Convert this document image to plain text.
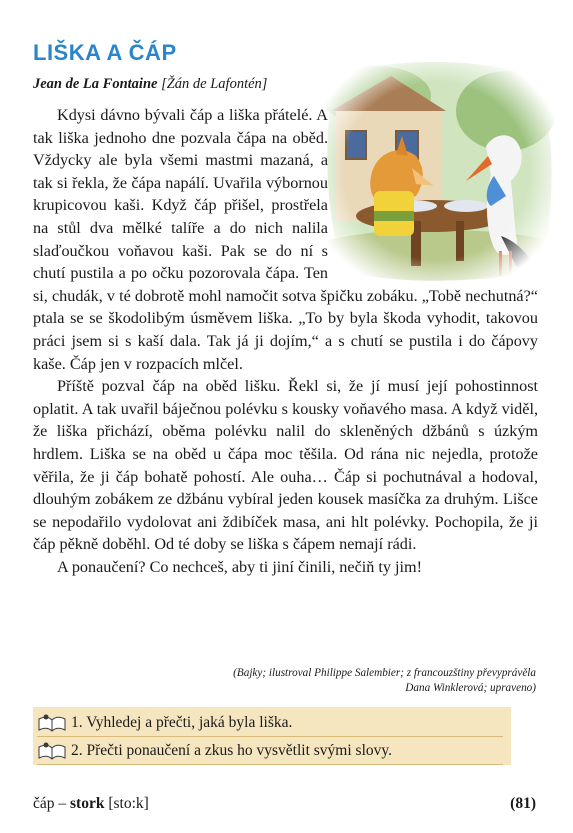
LIŠKA A ČÁP
Jean de La Fontaine [Žán de Lafontén]

Kdysi dávno bývali čáp a liška přátelé. A tak liška jednoho dne pozvala čápa na oběd. Vždycky ale byla všemi mastmi mazaná, a tak si řekla, že čápa napálí. Uvařila výbornou krupicovou kaši. Když čáp přišel, prostřela na stůl dva mělké talíře a do nich nalila slaďoučkou voňavou kaši. Pak se do ní s chutí pustila a po očku pozorovala čápa. Ten si, chudák, v té dobrotě mohl namočit sotva špičku zobáku. „Tobě nechutná?“ ptala se se škodolibým úsměvem liška. „To by byla škoda vyhodit, takovou práci jsem si s kaší dala. Tak já ji dojím,“ a s chutí se pustila i do čápovy kaše. Čáp jen v rozpacích mlčel.

Příště pozval čáp na oběd lišku. Řekl si, že jí musí její pohostinnost oplatit. A tak uvařil báječnou polévku s kousky voňavého masa. A když viděl, že liška přichází, oběma polévku nalil do skleněných džbánů s úzkým hrdlem. Liška se na oběd u čápa moc těšila. Od rána nic nejedla, protože věřila, že ji čáp bohatě pohostí. Ale ouha… Čáp si pochutnával a hodoval, dlouhým zobákem ze džbánu vybíral jeden kousek masíčka za druhým. Lišce se nepodařilo vydolovat ani ždibíček masa, ani hlt polévky. Pochopila, že ji čáp pěkně doběhl. Od té doby se liška s čápem nemají rádi.

A ponaučení? Co nechceš, aby ti jiní činili, nečiň ty jim!

(Bajky; ilustroval Philippe Salembier; z francouzštiny převyprávěla
Dana Winklerová; upraveno)
1. Vyhledej a přečti, jaká byla liška.
2. Přečti ponaučení a zkus ho vysvětlit svými slovy.
čáp – stork [sto:k]	(81)
